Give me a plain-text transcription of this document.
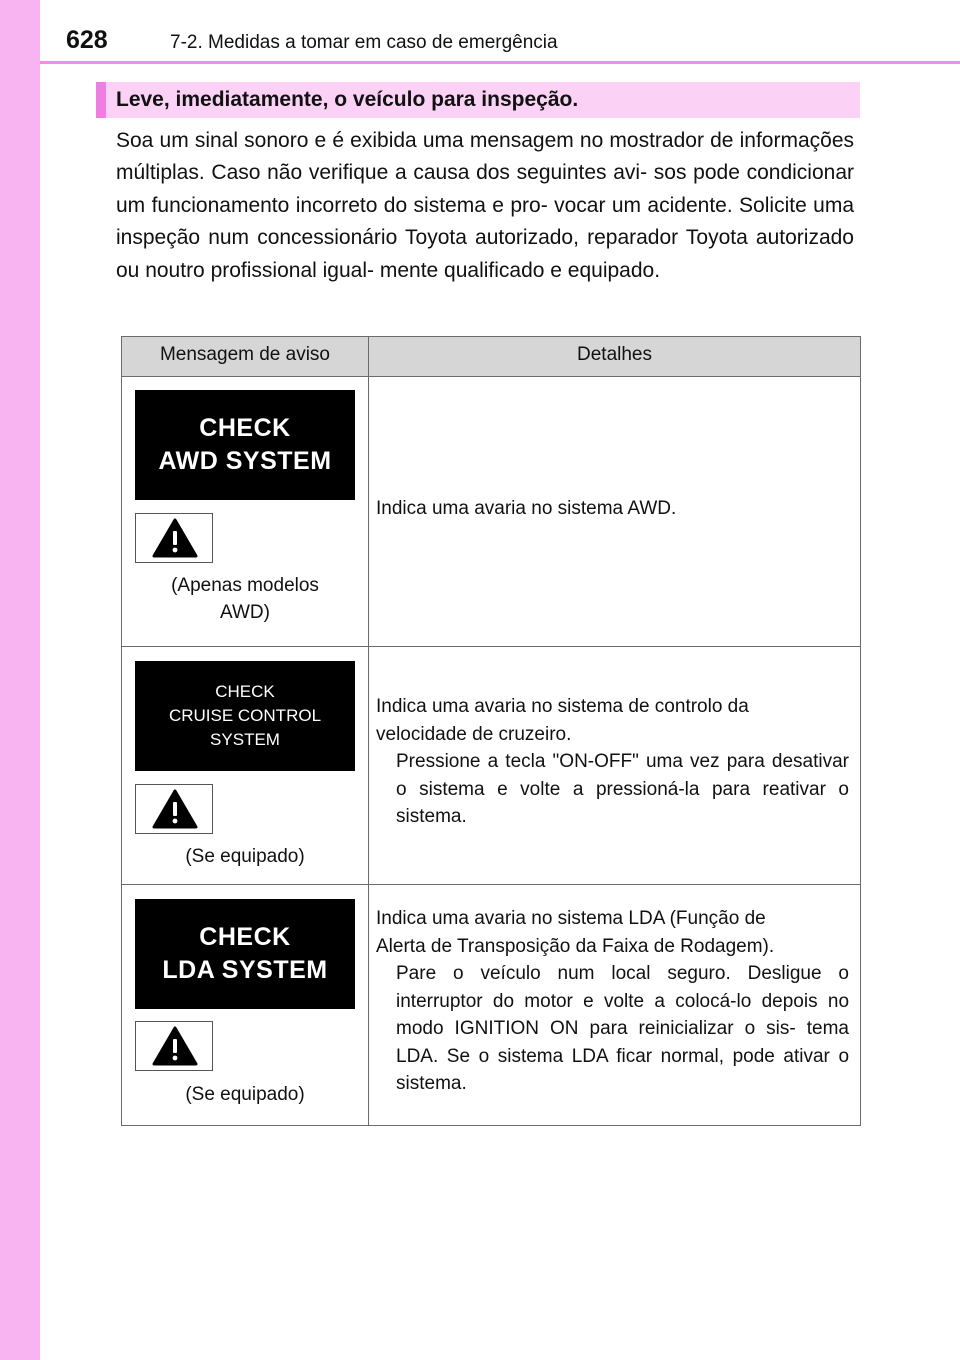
628	7-2. Medidas a tomar em caso de emergência
Leve, imediatamente, o veículo para inspeção.
Soa um sinal sonoro e é exibida uma mensagem no mostrador de informações múltiplas. Caso não verifique a causa dos seguintes avi- sos pode condicionar um funcionamento incorreto do sistema e pro- vocar um acidente. Solicite uma inspeção num concessionário Toyota autorizado, reparador Toyota autorizado ou noutro profissional igual- mente qualificado e equipado.
Mensagem de aviso	Detalhes
CHECK
AWD SYSTEM
(Apenas modelos
AWD)
Indica uma avaria no sistema AWD.
CHECK
CRUISE CONTROL
SYSTEM
(Se equipado)
Indica uma avaria no sistema de controlo da
velocidade de cruzeiro.
Pressione a tecla "ON-OFF" uma vez para desativar o sistema e volte a pressioná-la para reativar o sistema.
CHECK
LDA SYSTEM
(Se equipado)
Indica uma avaria no sistema LDA (Função de
Alerta de Transposição da Faixa de Rodagem).
Pare o veículo num local seguro. Desligue o interruptor do motor e volte a colocá-lo depois no modo IGNITION ON para reinicializar o sis- tema LDA. Se o sistema LDA ficar normal, pode ativar o sistema.
